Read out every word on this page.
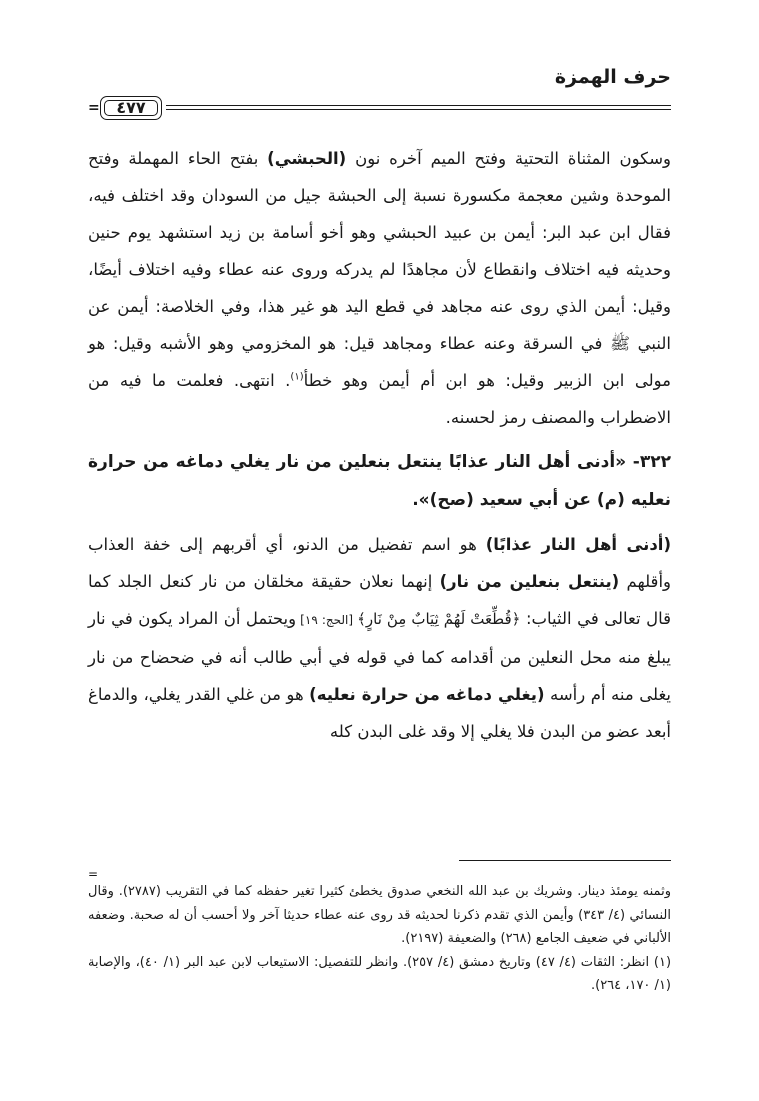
حرف الهمزة
٤٧٧
=

وسكون المثناة التحتية وفتح الميم آخره نون (الحبشي) بفتح الحاء المهملة وفتح الموحدة وشين معجمة مكسورة نسبة إلى الحبشة جيل من السودان وقد اختلف فيه، فقال ابن عبد البر: أيمن بن عبيد الحبشي وهو أخو أسامة بن زيد استشهد يوم حنين وحديثه فيه اختلاف وانقطاع لأن مجاهدًا لم يدركه وروى عنه عطاء وفيه اختلاف أيضًا، وقيل: أيمن الذي روى عنه مجاهد في قطع اليد هو غير هذا، وفي الخلاصة: أيمن عن النبي ﷺ في السرقة وعنه عطاء ومجاهد قيل: هو المخزومي وهو الأشبه وقيل: هو مولى ابن الزبير وقيل: هو ابن أم أيمن وهو خطأ$^{(١)}$. انتهى. فعلمت ما فيه من الاضطراب والمصنف رمز لحسنه.

٣٢٢- «أدنى أهل النار عذابًا ينتعل بنعلين من نار يغلي دماغه من حرارة نعليه (م) عن أبي سعيد (صح)».

(أدنى أهل النار عذابًا) هو اسم تفضيل من الدنو، أي أقربهم إلى خفة العذاب وأقلهم (ينتعل بنعلين من نار) إنهما نعلان حقيقة مخلقان من نار كنعل الجلد كما قال تعالى في الثياب: ﴿قُطِّعَتْ لَهُمْ ثِيَابٌ مِنْ نَارٍ﴾ [الحج: ١٩] ويحتمل أن المراد يكون في نار يبلغ منه محل النعلين من أقدامه كما في قوله في أبي طالب أنه في ضحضاح من نار يغلى منه أم رأسه (يغلي دماغه من حرارة نعليه) هو من غلي القدر يغلي، والدماغ أبعد عضو من البدن فلا يغلي إلا وقد غلى البدن كله

=

وثمنه يومئذ دينار. وشريك بن عبد الله النخعي صدوق يخطئ كثيرا تغير حفظه كما في التقريب (٢٧٨٧). وقال النسائي (٤/ ٣٤٣) وأيمن الذي تقدم ذكرنا لحديثه قد روى عنه عطاء حديثا آخر ولا أحسب أن له صحبة. وضعفه الألباني في ضعيف الجامع (٢٦٨) والضعيفة (٢١٩٧).

(١) انظر: الثقات (٤/ ٤٧) وتاريخ دمشق (٤/ ٢٥٧). وانظر للتفصيل: الاستيعاب لابن عبد البر (١/ ٤٠)، والإصابة (١/ ١٧٠، ٢٦٤).
